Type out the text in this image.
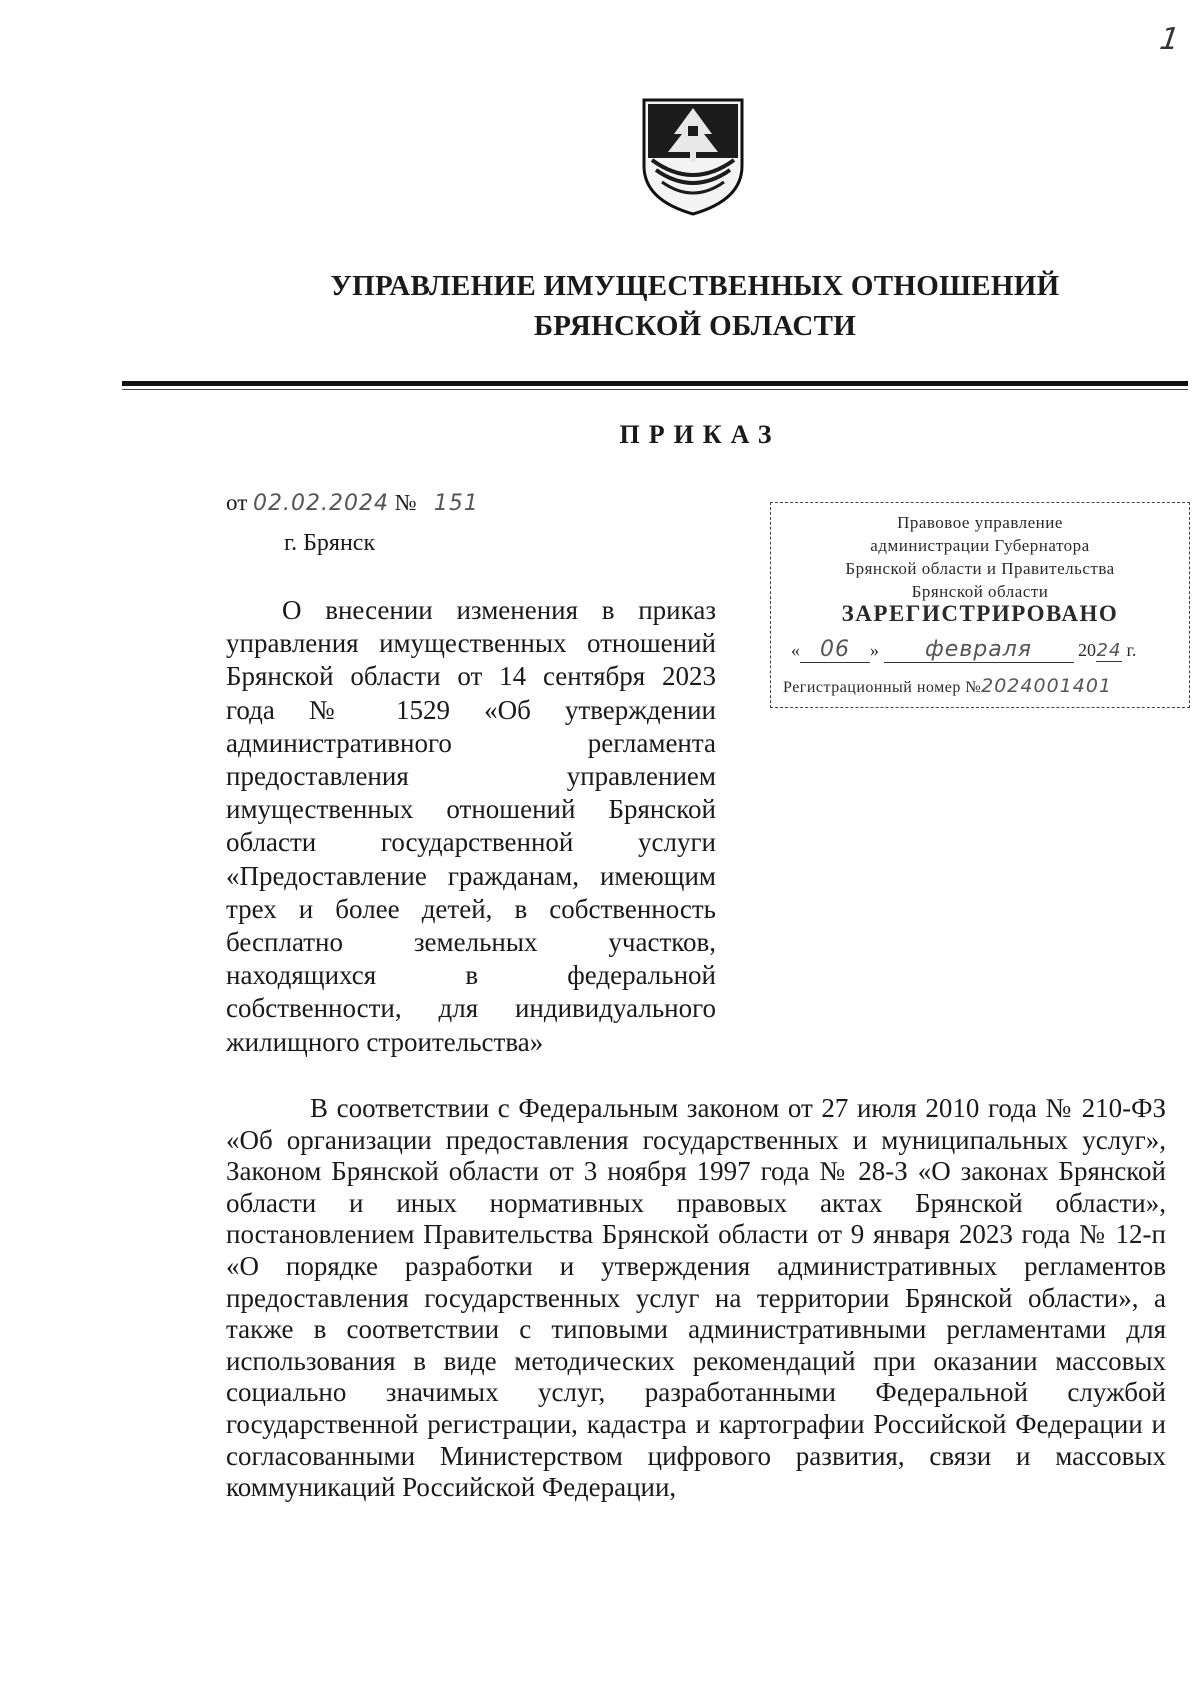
1
УПРАВЛЕНИЕ ИМУЩЕСТВЕННЫХ ОТНОШЕНИЙ
БРЯНСКОЙ ОБЛАСТИ
ПРИКАЗ
от 02.02.2024 № 151
г. Брянск
О внесении изменения в приказ управления имущественных отношений Брянской области от 14 сентября 2023 года № 1529 «Об утверждении административного регламента предоставления управлением имущественных отношений Брянской области государственной услуги «Предоставление гражданам, имеющим трех и более детей, в собственность бесплатно земельных участков, находящихся в федеральной собственности, для индивидуального жилищного строительства»
Правовое управление
администрации Губернатора
Брянской области и Правительства
Брянской области
ЗАРЕГИСТРИРОВАНО
« 06 » февраля	2024 г.
Регистрационный номер №2024001401
В соответствии с Федеральным законом от 27 июля 2010 года № 210-ФЗ «Об организации предоставления государственных и муниципальных услуг», Законом Брянской области от 3 ноября 1997 года № 28-З «О законах Брянской области и иных нормативных правовых актах Брянской области», постановлением Правительства Брянской области от 9 января 2023 года № 12-п «О порядке разработки и утверждения административных регламентов предоставления государственных услуг на территории Брянской области», а также в соответствии с типовыми административными регламентами для использования в виде методических рекомендаций при оказании массовых социально значимых услуг, разработанными Федеральной службой государственной регистрации, кадастра и картографии Российской Федерации и согласованными Министерством цифрового развития, связи и массовых коммуникаций Российской Федерации,
